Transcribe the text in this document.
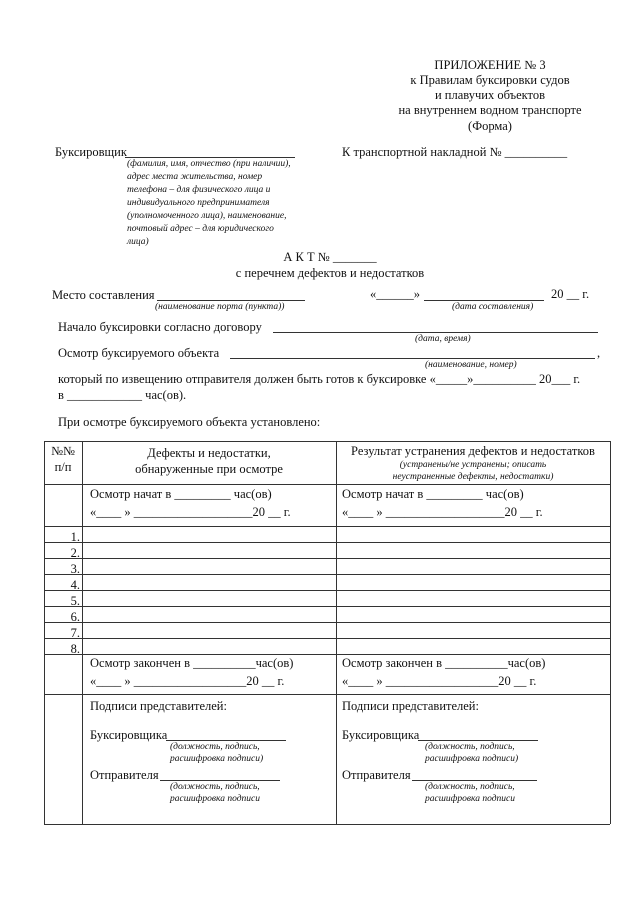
ПРИЛОЖЕНИЕ № 3
к Правилам буксировки судов
и плавучих объектов
на внутреннем водном транспорте
(Форма)
Буксировщик
(фамилия, имя, отчество (при наличии),
адрес места жительства, номер
телефона – для физического лица и
индивидуального предпринимателя
(уполномоченного лица), наименование,
почтовый адрес – для юридического
лица)
К транспортной накладной № __________
А К Т № _______
с перечнем дефектов и недостатков
Место составления
(наименование порта (пункта))
«______»	20 __ г.
(дата составления)
Начало буксировки согласно договору
(дата, время)
Осмотр буксируемого объекта	,
(наименование, номер)
который по извещению отправителя должен быть готов к буксировке «_____»__________ 20___ г.
в ____________ час(ов).
При осмотре буксируемого объекта установлено:
№№
п/п
Дефекты и недостатки,
обнаруженные при осмотре
Результат устранения дефектов и недостатков
(устранены/не устранены; описать
неустраненные дефекты, недостатки)
Осмотр начат в _________ час(ов)
«____ » ___________________20 __ г.
Осмотр начат в _________ час(ов)
«____ » ___________________20 __ г.
1.
2.
3.
4.
5.
6.
7.
8.
Осмотр закончен в __________час(ов)
«____ » __________________20 __ г.
Осмотр закончен в __________час(ов)
«____ » __________________20 __ г.
Подписи представителей:
Буксировщика
(должность, подпись,
расшифровка подписи)
Отправителя
(должность, подпись,
расшифровка подписи
Подписи представителей:
Буксировщика
(должность, подпись,
расшифровка подписи)
Отправителя
(должность, подпись,
расшифровка подписи
